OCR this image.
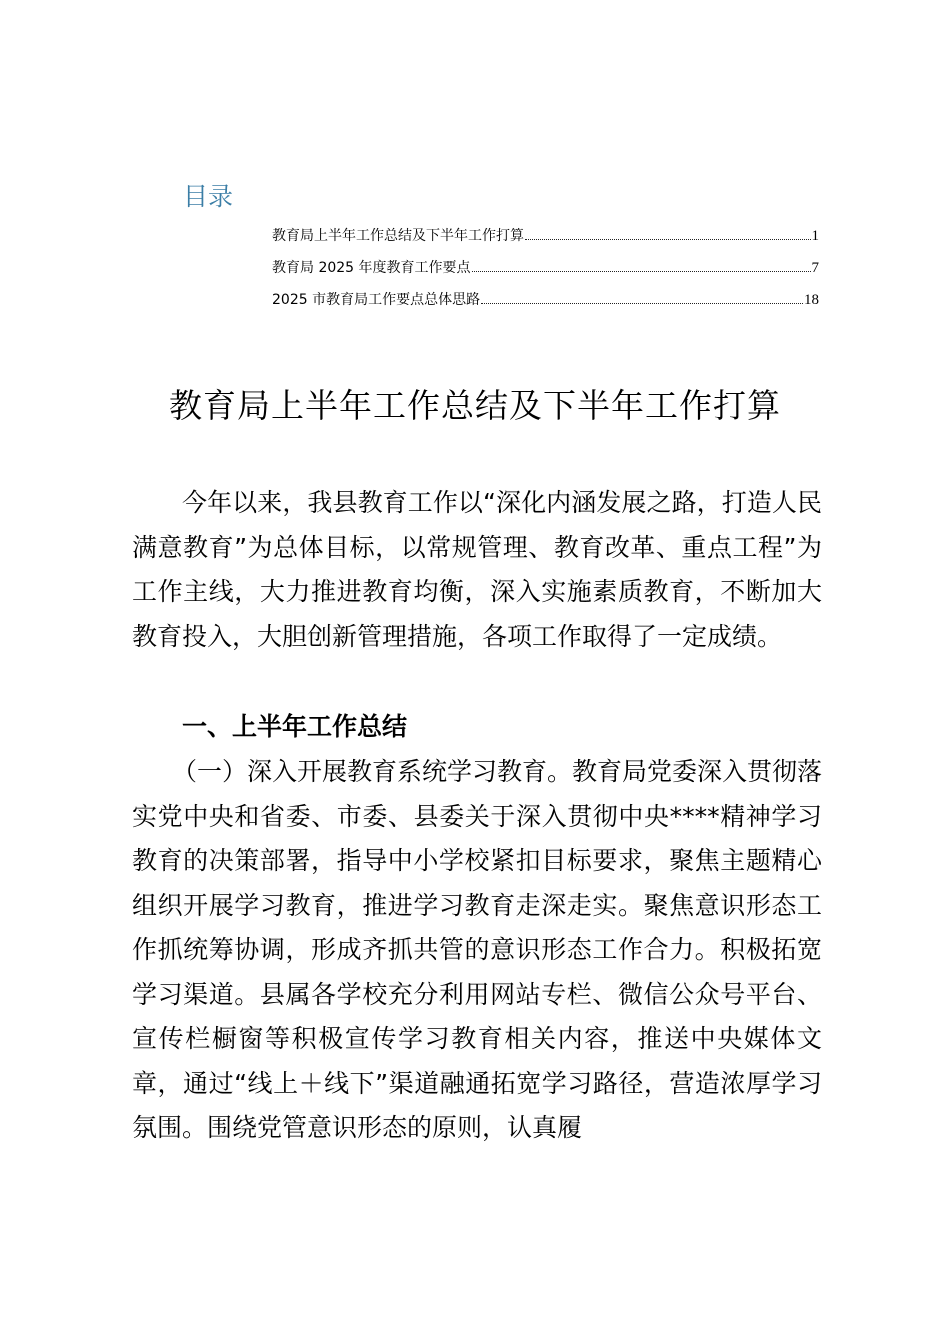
目录
教育局上半年工作总结及下半年工作打算	1
教育局 2025 年度教育工作要点	7
2025 市教育局工作要点总体思路	18
教育局上半年工作总结及下半年工作打算

今年以来，我县教育工作以“深化内涵发展之路，打造人民满意教育”为总体目标，以常规管理、教育改革、重点工程”为工作主线，大力推进教育均衡，深入实施素质教育，不断加大教育投入，大胆创新管理措施，各项工作取得了一定成绩。

一、上半年工作总结

（一）深入开展教育系统学习教育。教育局党委深入贯彻落实党中央和省委、市委、县委关于深入贯彻中央****精神学习教育的决策部署，指导中小学校紧扣目标要求，聚焦主题精心组织开展学习教育，推进学习教育走深走实。聚焦意识形态工作抓统筹协调，形成齐抓共管的意识形态工作合力。积极拓宽学习渠道。县属各学校充分利用网站专栏、微信公众号平台、宣传栏橱窗等积极宣传学习教育相关内容，推送中央媒体文章，通过“线上＋线下”渠道融通拓宽学习路径，营造浓厚学习氛围。围绕党管意识形态的原则，认真履
